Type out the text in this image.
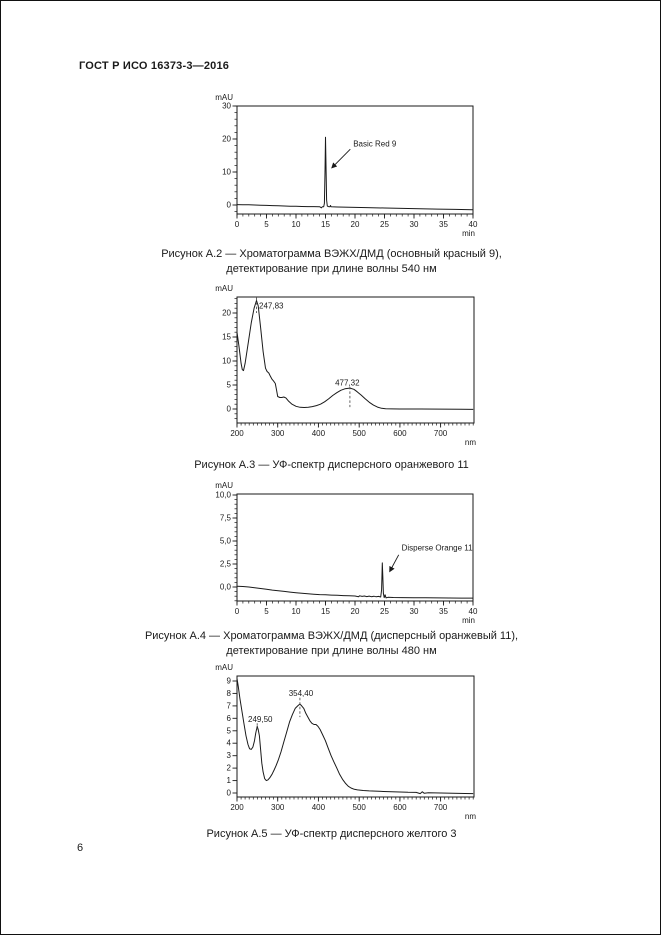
ГОСТ Р ИСО 16373-3—2016
0	5	10	15	20	25	30	35	40
0
10
20
30
mAU
min
Basic Red 9
Рисунок А.2 — Хроматограмма ВЭЖХ/ДМД (основный красный 9),
детектирование при длине волны 540 нм
200	300	400	500	600	700
0
5
10
15
20
mAU
nm
247,83
477,32
Рисунок А.3 — УФ-спектр дисперсного оранжевого 11
0	5	10	15	20	25	30	35	40
0,0
2,5
5,0
7,5
10,0
mAU
min
Disperse Orange 11
Рисунок А.4 — Хроматограмма ВЭЖХ/ДМД (дисперсный оранжевый 11),
детектирование при длине волны 480 нм
200	300	400	500	600	700
0
1
2
3
4
5
6
7
8
9
mAU
nm
249,50
354,40
Рисунок А.5 — УФ-спектр дисперсного желтого 3
6
